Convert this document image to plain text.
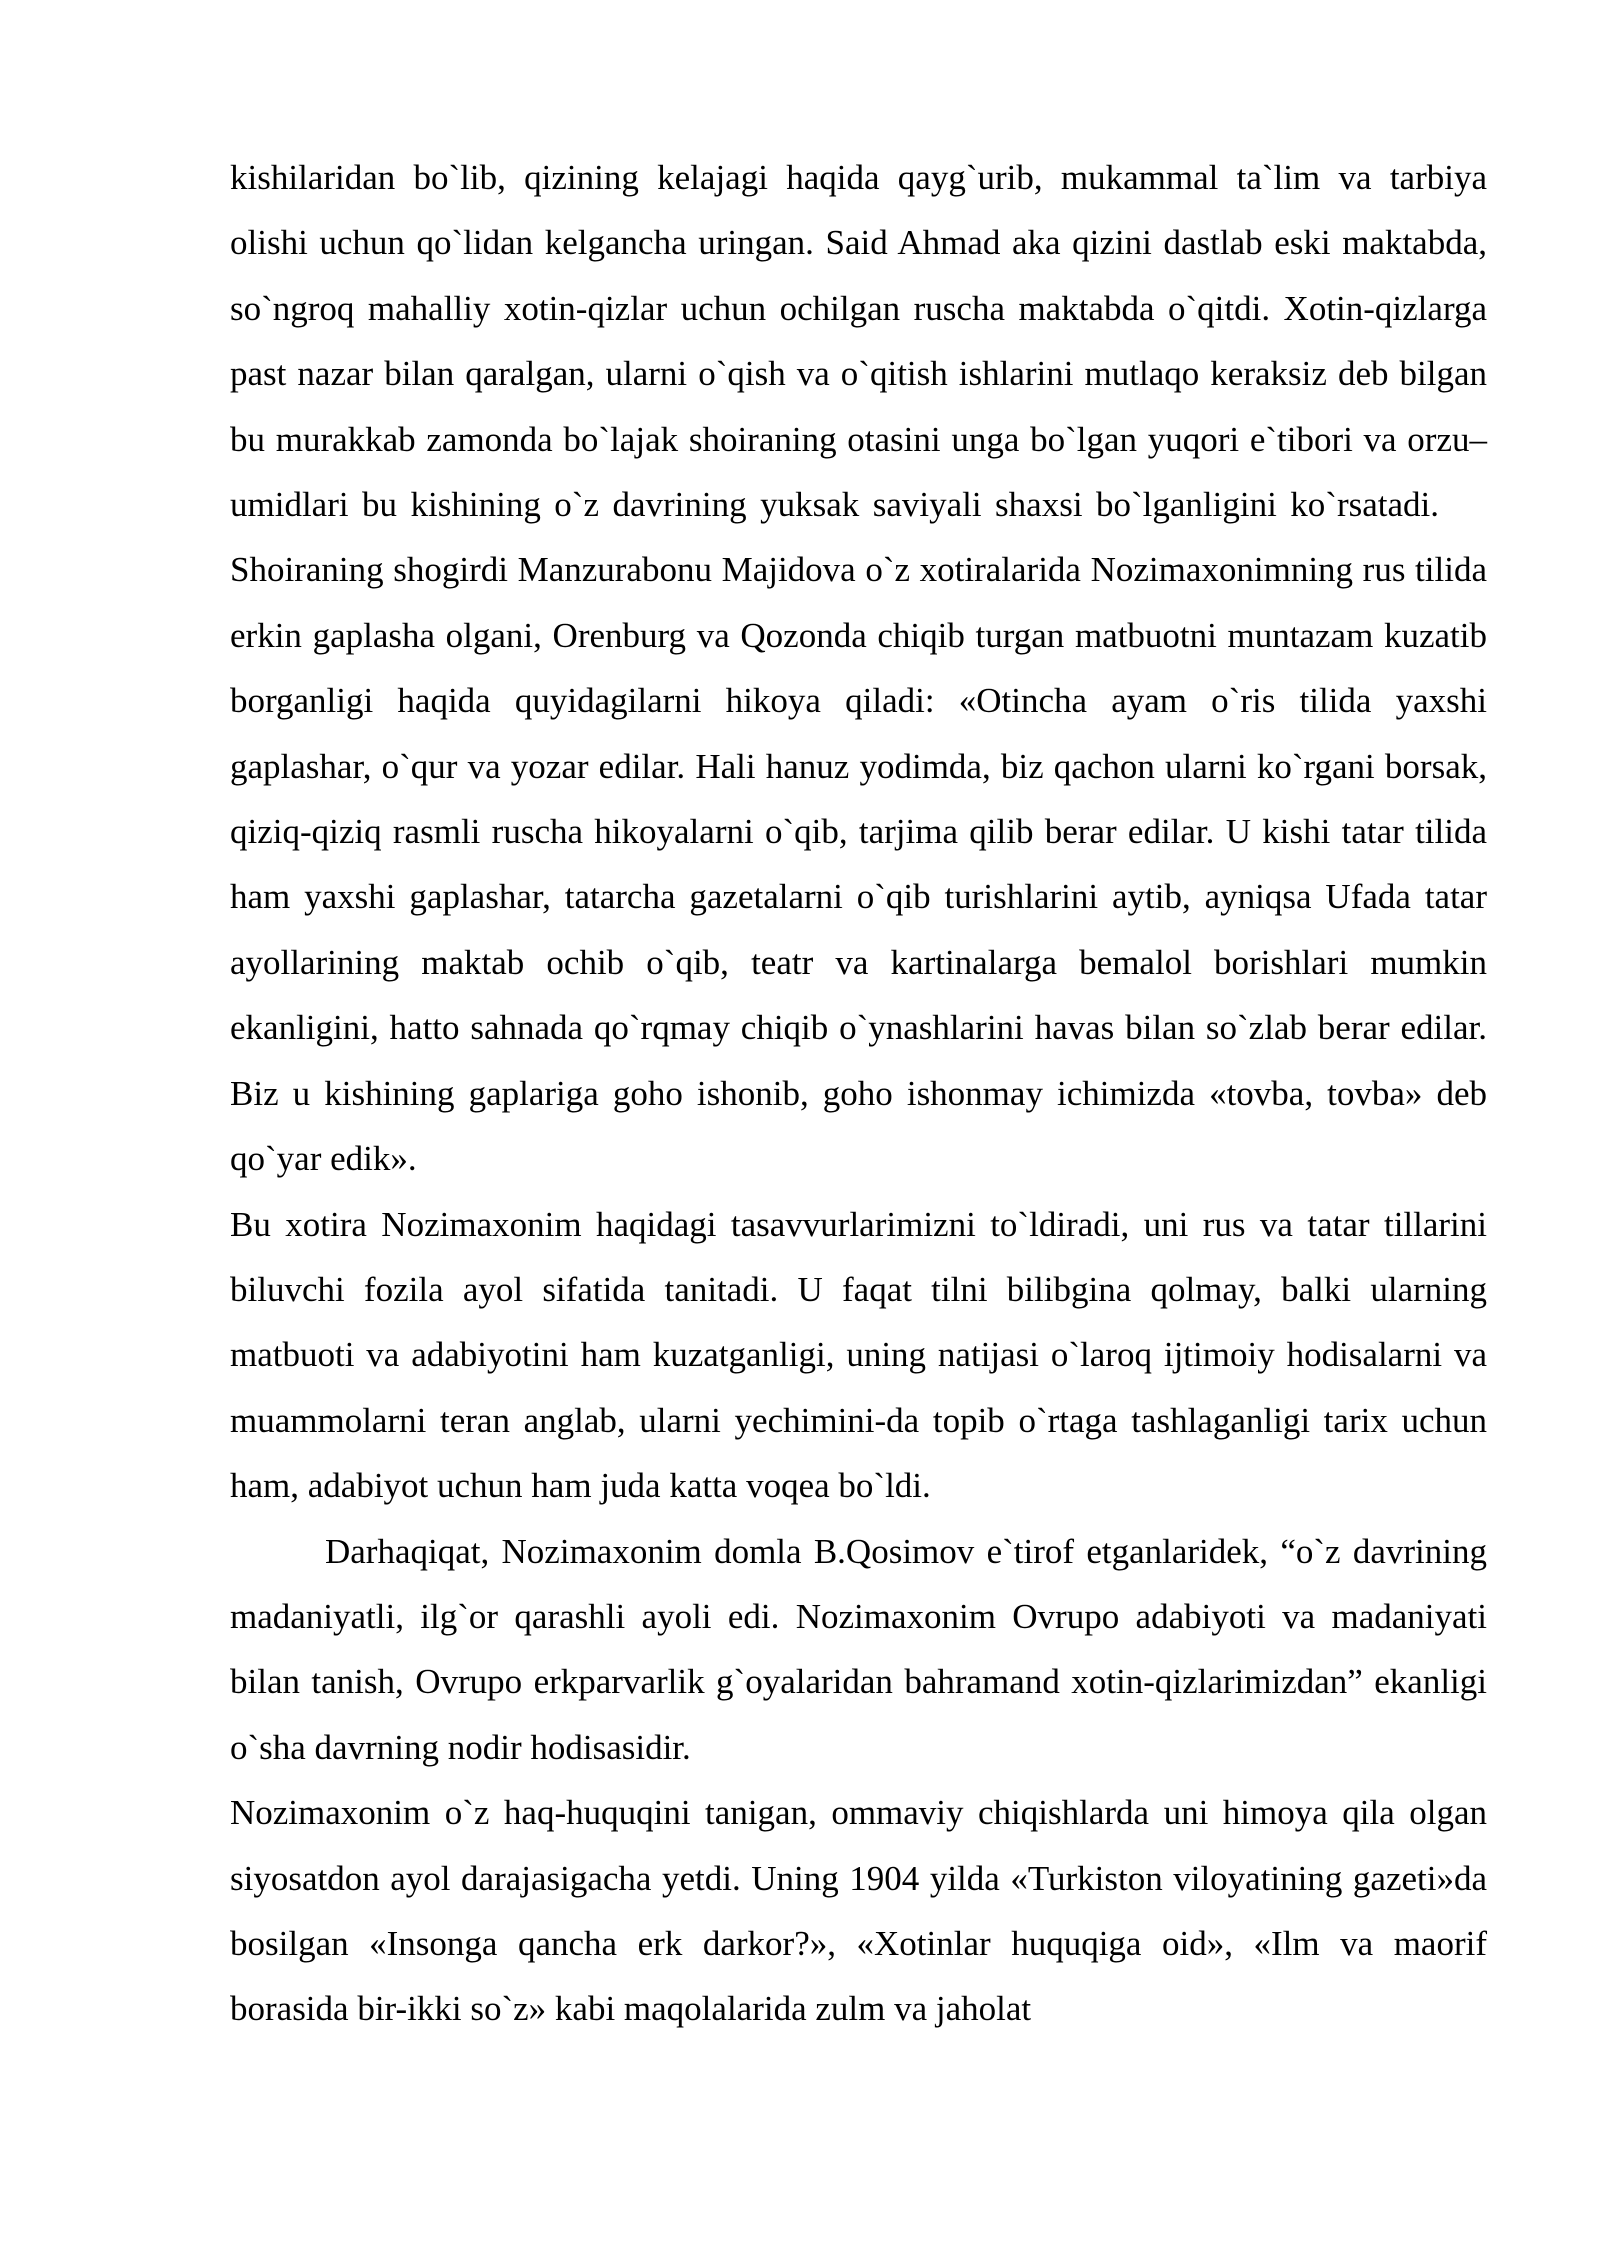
kishilaridan bo`lib, qizining kelajagi haqida qayg`urib, mukammal ta`lim va tarbiya olishi uchun qo`lidan kelgancha uringan. Said Ahmad aka qizini dastlab eski maktabda, so`ngroq mahalliy xotin-qizlar uchun ochilgan ruscha maktabda o`qitdi. Xotin-qizlarga past nazar bilan qaralgan, ularni o`qish va o`qitish ishlarini mutlaqo keraksiz deb bilgan bu murakkab zamonda bo`lajak shoiraning otasini unga bo`lgan yuqori e`tibori va orzu–umidlari bu kishining o`z davrining yuksak saviyali shaxsi bo`lganligini ko`rsatadi.Shoiraning shogirdi Manzurabonu Majidova o`z xotiralarida Nozimaxonimning rus tilida erkin gaplasha olgani, Orenburg va Qozonda chiqib turgan matbuotni muntazam kuzatib borganligi haqida quyidagilarni hikoya qiladi: «Otincha ayam o`ris tilida yaxshi gaplashar, o`qur va yozar edilar. Hali hanuz yodimda, biz qachon ularni ko`rgani borsak, qiziq-qiziq rasmli ruscha hikoyalarni o`qib, tarjima qilib berar edilar. U kishi tatar tilida ham yaxshi gaplashar, tatarcha gazetalarni o`qib turishlarini aytib, ayniqsa Ufada tatar ayollarining maktab ochib o`qib, teatr va kartinalarga bemalol borishlari mumkin ekanligini, hatto sahnada qo`rqmay chiqib o`ynashlarini havas bilan so`zlab berar edilar. Biz u kishining gaplariga goho ishonib, goho ishonmay ichimizda «tovba, tovba» deb qo`yar edik».

Bu xotira Nozimaxonim haqidagi tasavvurlarimizni to`ldiradi, uni rus va tatar tillarini biluvchi fozila ayol sifatida tanitadi. U faqat tilni bilibgina qolmay, balki ularning matbuoti va adabiyotini ham kuzatganligi, uning natijasi o`laroq ijtimoiy hodisalarni va muammolarni teran anglab, ularni yechimini-da topib o`rtaga tashlaganligi tarix uchun ham, adabiyot uchun ham juda katta voqea bo`ldi.

Darhaqiqat, Nozimaxonim domla B.Qosimov e`tirof etganlaridek, “o`z davrining madaniyatli, ilg`or qarashli ayoli edi. Nozimaxonim Ovrupo adabiyoti va madaniyati bilan tanish, Ovrupo erkparvarlik g`oyalaridan bahramand xotin-qizlarimizdan” ekanligi o`sha davrning nodir hodisasidir.

Nozimaxonim o`z haq-huquqini tanigan, ommaviy chiqishlarda uni himoya qila olgan siyosatdon ayol darajasigacha yetdi. Uning 1904 yilda «Turkiston viloyatining gazeti»da bosilgan «Insonga qancha erk darkor?», «Xotinlar huquqiga oid», «Ilm va maorif borasida bir-ikki so`z» kabi maqolalarida zulm va jaholat
